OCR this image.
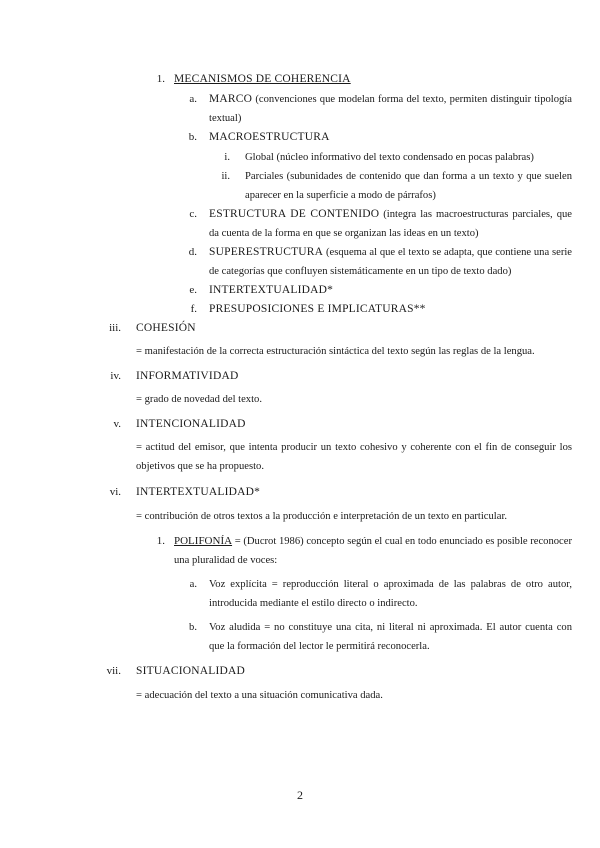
1. MECANISMOS DE COHERENCIA
a. MARCO (convenciones que modelan forma del texto, permiten distinguir tipología textual)
b. MACROESTRUCTURA
i. Global (núcleo informativo del texto condensado en pocas palabras)
ii. Parciales (subunidades de contenido que dan forma a un texto y que suelen aparecer en la superficie a modo de párrafos)
c. ESTRUCTURA DE CONTENIDO (integra las macroestructuras parciales, que da cuenta de la forma en que se organizan las ideas en un texto)
d. SUPERESTRUCTURA (esquema al que el texto se adapta, que contiene una serie de categorías que confluyen sistemáticamente en un tipo de texto dado)
e. INTERTEXTUALIDAD*
f. PRESUPOSICIONES E IMPLICATURAS**
iii. COHESIÓN
= manifestación de la correcta estructuración sintáctica del texto según las reglas de la lengua.
iv. INFORMATIVIDAD
= grado de novedad del texto.
v. INTENCIONALIDAD
= actitud del emisor, que intenta producir un texto cohesivo y coherente con el fin de conseguir los objetivos que se ha propuesto.
vi. INTERTEXTUALIDAD*
= contribución de otros textos a la producción e interpretación de un texto en particular.
1. POLIFONÍA = (Ducrot 1986) concepto según el cual en todo enunciado es posible reconocer una pluralidad de voces:
a. Voz explícita = reproducción literal o aproximada de las palabras de otro autor, introducida mediante el estilo directo o indirecto.
b. Voz aludida = no constituye una cita, ni literal ni aproximada. El autor cuenta con que la formación del lector le permitirá reconocerla.
vii. SITUACIONALIDAD
= adecuación del texto a una situación comunicativa dada.
2
